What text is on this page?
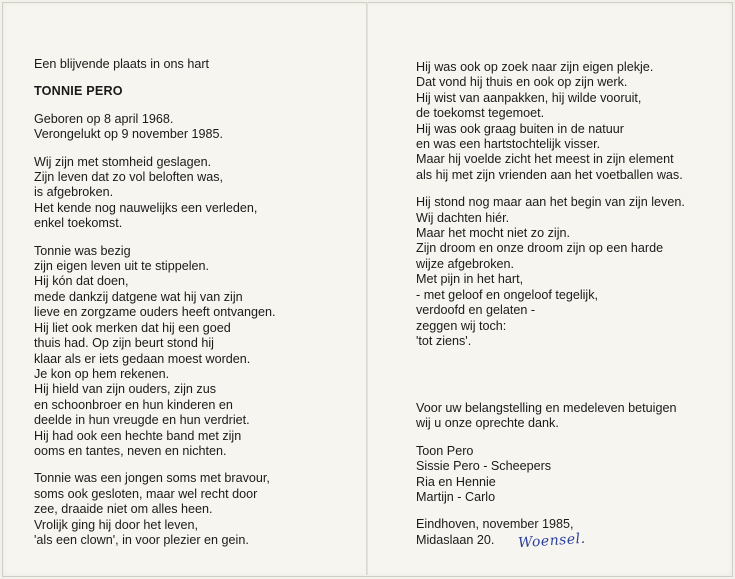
Een blijvende plaats in ons hart

TONNIE PERO

Geboren op 8 april 1968.

Verongelukt op 9 november 1985.

Wij zijn met stomheid geslagen.

Zijn leven dat zo vol beloften was,

is afgebroken.

Het kende nog nauwelijks een verleden,

enkel toekomst.

Tonnie was bezig

zijn eigen leven uit te stippelen.

Hij kón dat doen,

mede dankzij datgene wat hij van zijn

lieve en zorgzame ouders heeft ontvangen.

Hij liet ook merken dat hij een goed

thuis had. Op zijn beurt stond hij

klaar als er iets gedaan moest worden.

Je kon op hem rekenen.

Hij hield van zijn ouders, zijn zus

en schoonbroer en hun kinderen en

deelde in hun vreugde en hun verdriet.

Hij had ook een hechte band met zijn

ooms en tantes, neven en nichten.

Tonnie was een jongen soms met bravour,

soms ook gesloten, maar wel recht door

zee, draaide niet om alles heen.

Vrolijk ging hij door het leven,

'als een clown', in voor plezier en gein.

Hij was ook op zoek naar zijn eigen plekje.

Dat vond hij thuis en ook op zijn werk.

Hij wist van aanpakken, hij wilde vooruit,

de toekomst tegemoet.

Hij was ook graag buiten in de natuur

en was een hartstochtelijk visser.

Maar hij voelde zicht het meest in zijn element

als hij met zijn vrienden aan het voetballen was.

Hij stond nog maar aan het begin van zijn leven.

Wij dachten hiér.

Maar het mocht niet zo zijn.

Zijn droom en onze droom zijn op een harde

wijze afgebroken.

Met pijn in het hart,

- met geloof en ongeloof tegelijk,

verdoofd en gelaten -

zeggen wij toch:

'tot ziens'.

Voor uw belangstelling en medeleven betuigen

wij u onze oprechte dank.

Toon Pero

Sissie Pero - Scheepers

Ria en Hennie

Martijn - Carlo

Eindhoven, november 1985,

Midaslaan 20.	Woensel.
